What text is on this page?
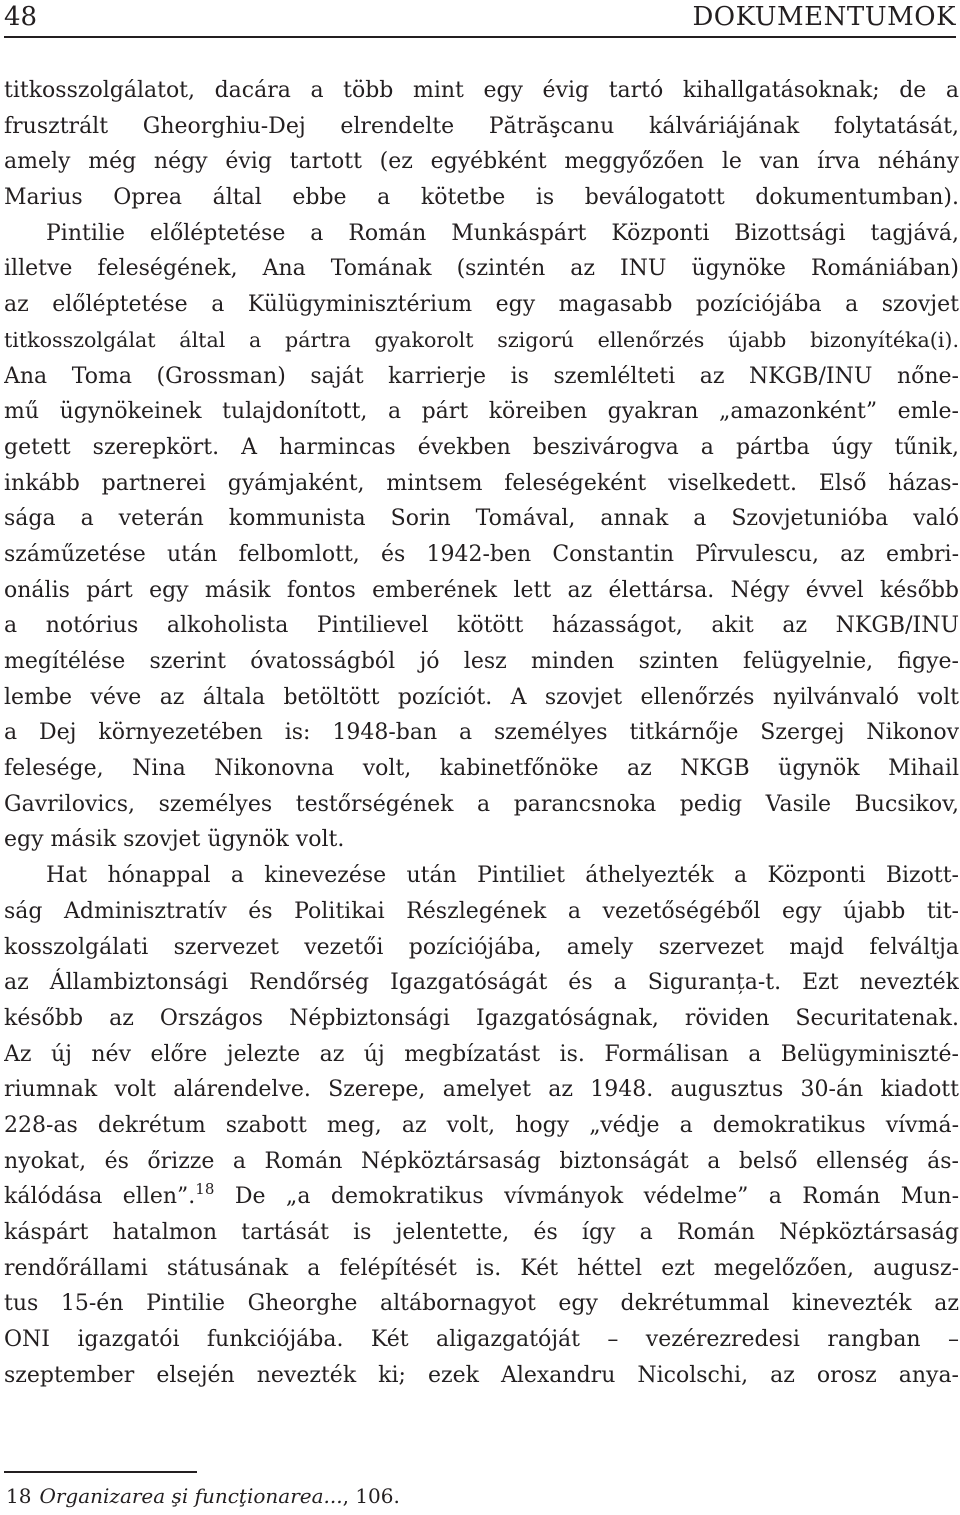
48	DOKUMENTUMOK
titkosszolgálatot, dacára a több mint egy évig tartó kihallgatásoknak; de a
frusztrált Gheorghiu-Dej elrendelte Pătrăşcanu kálváriájának folytatását,
amely még négy évig tartott (ez egyébként meggyőzően le van írva néhány
Marius Oprea által ebbe a kötetbe is beválogatott dokumentumban).
Pintilie előléptetése a Román Munkáspárt Központi Bizottsági tagjává,
illetve feleségének, Ana Tomának (szintén az INU ügynöke Romániában)
az előléptetése a Külügyminisztérium egy magasabb pozíciójába a szovjet
titkosszolgálat által a pártra gyakorolt szigorú ellenőrzés újabb bizonyítéka(i).
Ana Toma (Grossman) saját karrierje is szemlélteti az NKGB/INU nőne-
mű ügynökeinek tulajdonított, a párt köreiben gyakran „amazonként” emle-
getett szerepkört. A harmincas években beszivárogva a pártba úgy tűnik,
inkább partnerei gyámjaként, mintsem feleségeként viselkedett. Első házas-
sága a veterán kommunista Sorin Tomával, annak a Szovjetunióba való
száműzetése után felbomlott, és 1942-ben Constantin Pîrvulescu, az embri-
onális párt egy másik fontos emberének lett az élettársa. Négy évvel később
a notórius alkoholista Pintilievel kötött házasságot, akit az NKGB/INU
megítélése szerint óvatosságból jó lesz minden szinten felügyelnie, figye-
lembe véve az általa betöltött pozíciót. A szovjet ellenőrzés nyilvánvaló volt
a Dej környezetében is: 1948-ban a személyes titkárnője Szergej Nikonov
felesége, Nina Nikonovna volt, kabinetfőnöke az NKGB ügynök Mihail
Gavrilovics, személyes testőrségének a parancsnoka pedig Vasile Bucsikov,
egy másik szovjet ügynök volt.
Hat hónappal a kinevezése után Pintiliet áthelyezték a Központi Bizott-
ság Adminisztratív és Politikai Részlegének a vezetőségéből egy újabb tit-
kosszolgálati szervezet vezetői pozíciójába, amely szervezet majd felváltja
az Állambiztonsági Rendőrség Igazgatóságát és a Siguranța-t. Ezt nevezték
később az Országos Népbiztonsági Igazgatóságnak, röviden Securitatenak.
Az új név előre jelezte az új megbízatást is. Formálisan a Belügyminiszté-
riumnak volt alárendelve. Szerepe, amelyet az 1948. augusztus 30-án kiadott
228-as dekrétum szabott meg, az volt, hogy „védje a demokratikus vívmá-
nyokat, és őrizze a Román Népköztársaság biztonságát a belső ellenség ás-
kálódása ellen”.$^{18}$ De „a demokratikus vívmányok védelme” a Román Mun-
káspárt hatalmon tartását is jelentette, és így a Román Népköztársaság
rendőrállami státusának a felépítését is. Két héttel ezt megelőzően, augusz-
tus 15-én Pintilie Gheorghe altábornagyot egy dekrétummal kinevezték az
ONI igazgatói funkciójába. Két aligazgatóját – vezérezredesi rangban –
szeptember elsején nevezték ki; ezek Alexandru Nicolschi, az orosz anya-
18 Organizarea şi funcţionarea..., 106.
